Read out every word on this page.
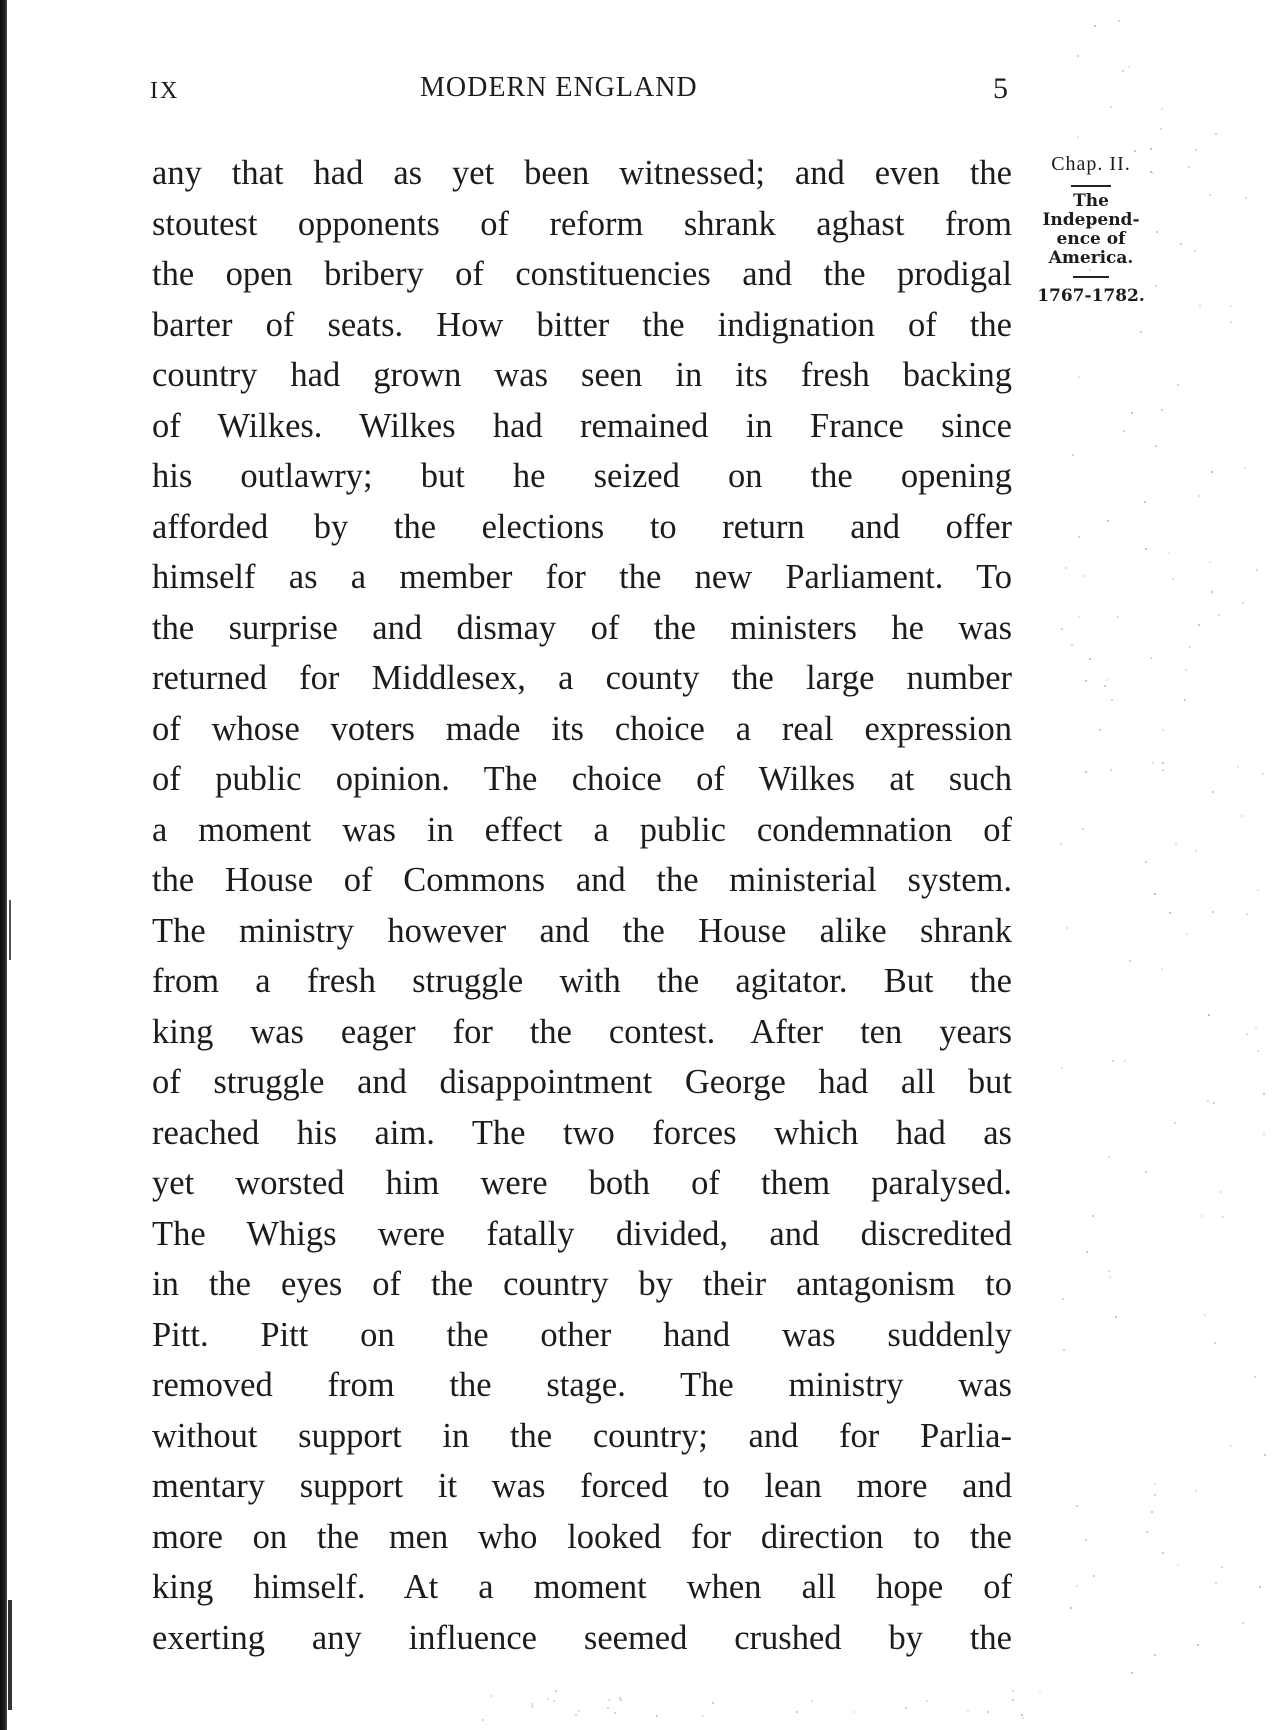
IX	MODERN ENGLAND	5
any that had as yet been witnessed; and even the
stoutest opponents of reform shrank aghast from
the open bribery of constituencies and the prodigal
barter of seats. How bitter the indignation of the
country had grown was seen in its fresh backing
of Wilkes. Wilkes had remained in France since
his outlawry; but he seized on the opening
afforded by the elections to return and offer
himself as a member for the new Parliament. To
the surprise and dismay of the ministers he was
returned for Middlesex, a county the large number
of whose voters made its choice a real expression
of public opinion. The choice of Wilkes at such
a moment was in effect a public condemnation of
the House of Commons and the ministerial system.
The ministry however and the House alike shrank
from a fresh struggle with the agitator. But the
king was eager for the contest. After ten years
of struggle and disappointment George had all but
reached his aim. The two forces which had as
yet worsted him were both of them paralysed.
The Whigs were fatally divided, and discredited
in the eyes of the country by their antagonism to
Pitt. Pitt on the other hand was suddenly
removed from the stage. The ministry was
without support in the country; and for Parlia-
mentary support it was forced to lean more and
more on the men who looked for direction to the
king himself. At a moment when all hope of
exerting any influence seemed crushed by the
Chap. II.
The
Independ-
ence of
America.
1767-1782.
